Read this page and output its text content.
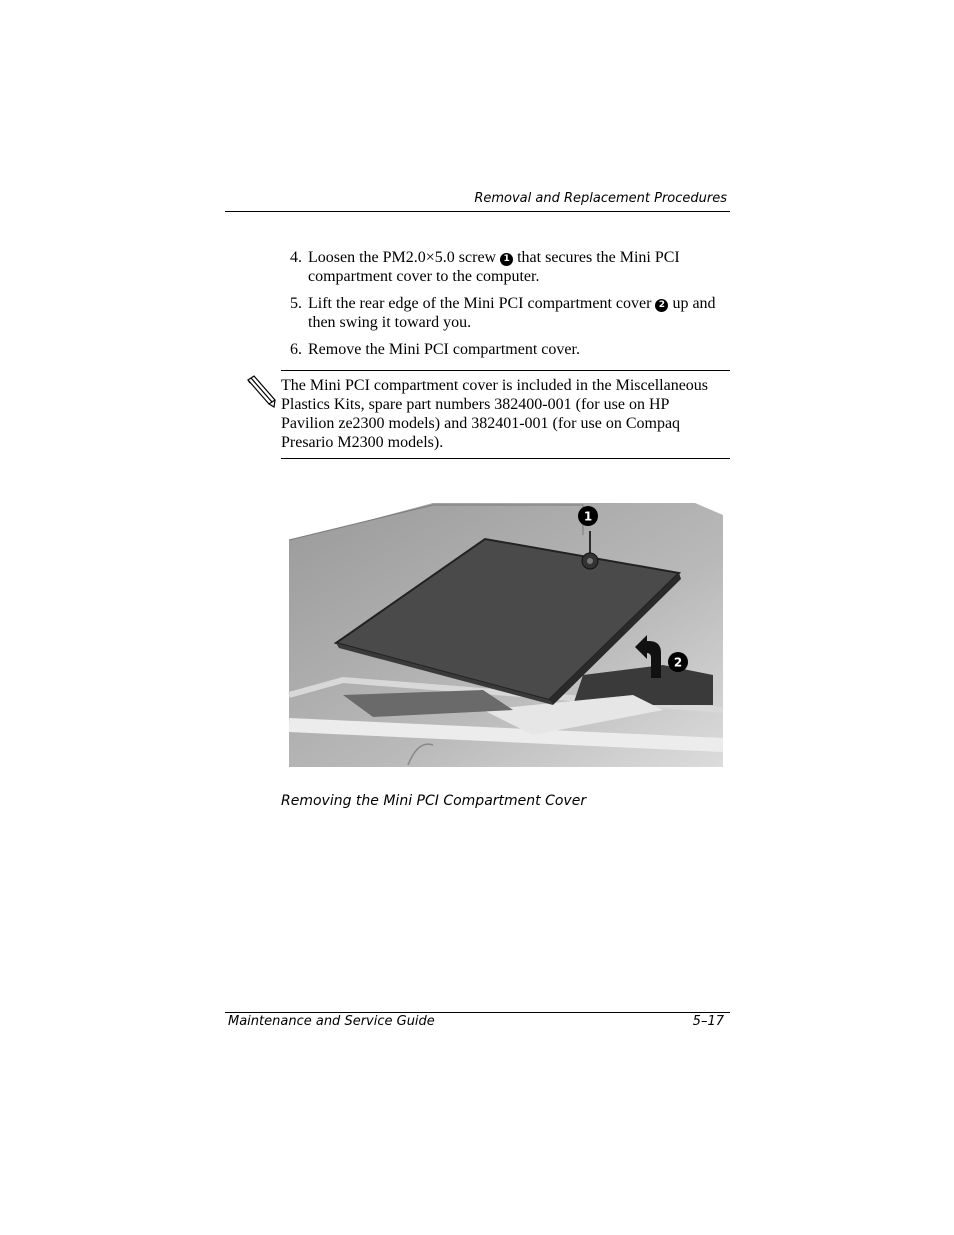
Removal and Replacement Procedures
4. Loosen the PM2.0×5.0 screw 1 that secures the Mini PCI compartment cover to the computer.
5. Lift the rear edge of the Mini PCI compartment cover 2 up and then swing it toward you.
6. Remove the Mini PCI compartment cover.
The Mini PCI compartment cover is included in the Miscellaneous Plastics Kits, spare part numbers 382400-001 (for use on HP Pavilion ze2300 models) and 382401-001 (for use on Compaq Presario M2300 models).
1
2
Removing the Mini PCI Compartment Cover
Maintenance and Service Guide	5–17
